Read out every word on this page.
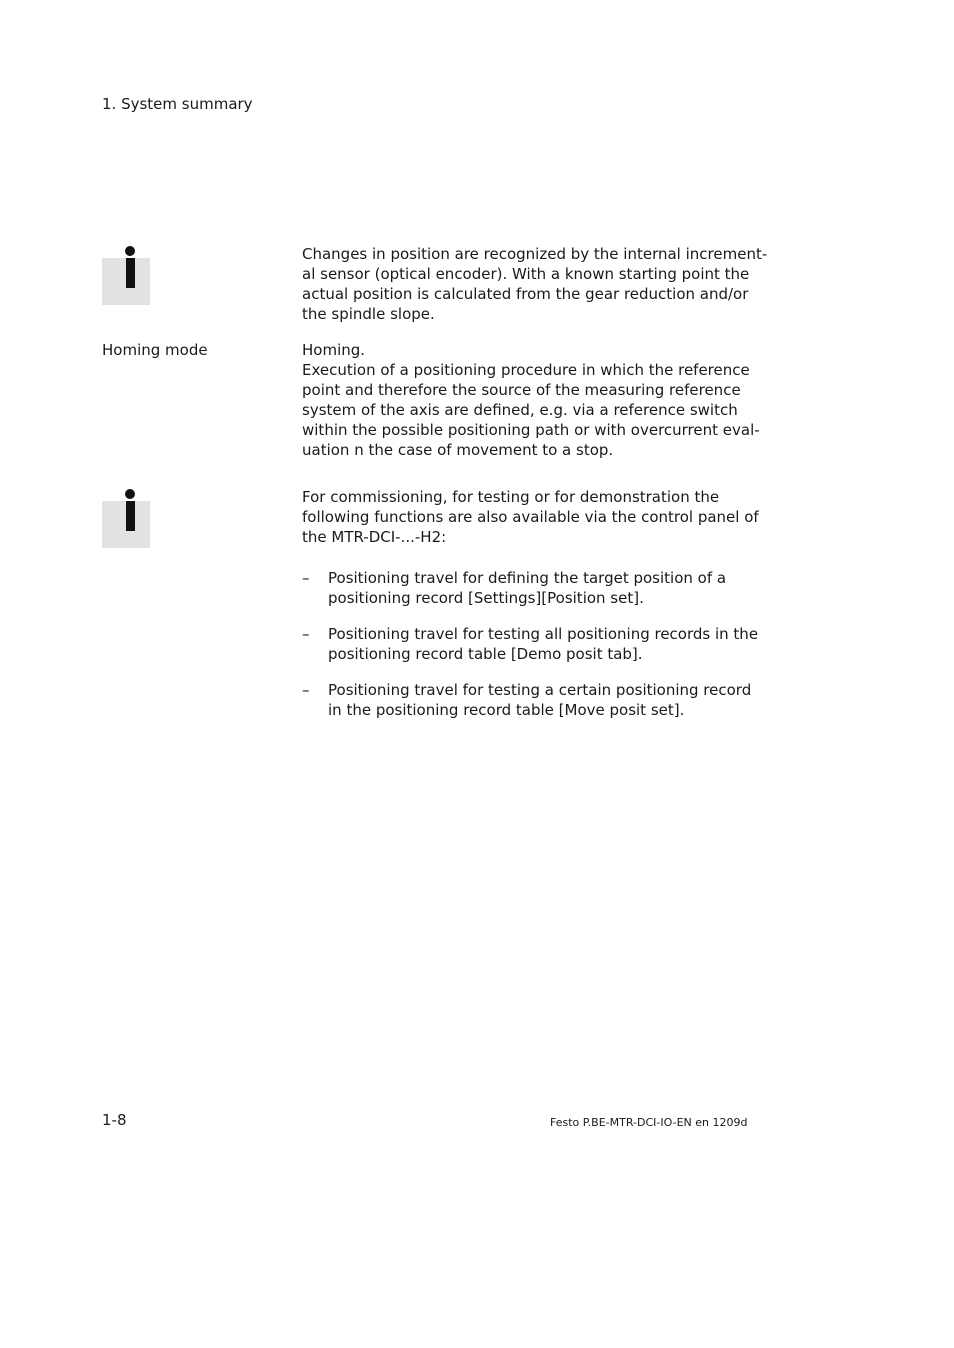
1. System summary
Changes in position are recognized by the internal increment-
al sensor (optical encoder). With a known starting point the
actual position is calculated from the gear reduction and/or
the spindle slope.
Homing mode	Homing.
Execution of a positioning procedure in which the reference
point and therefore the source of the measuring reference
system of the axis are defined, e.g. via a reference switch
within the possible positioning path or with overcurrent eval-
uation n the case of movement to a stop.
For commissioning, for testing or for demonstration the
following functions are also available via the control panel of
the MTR-DCI-...-H2:
– Positioning travel for defining the target position of a
positioning record [Settings][Position set].
– Positioning travel for testing all positioning records in the
positioning record table [Demo posit tab].
– Positioning travel for testing a certain positioning record
in the positioning record table [Move posit set].
1-8	Festo P.BE-MTR-DCI-IO-EN en 1209d
